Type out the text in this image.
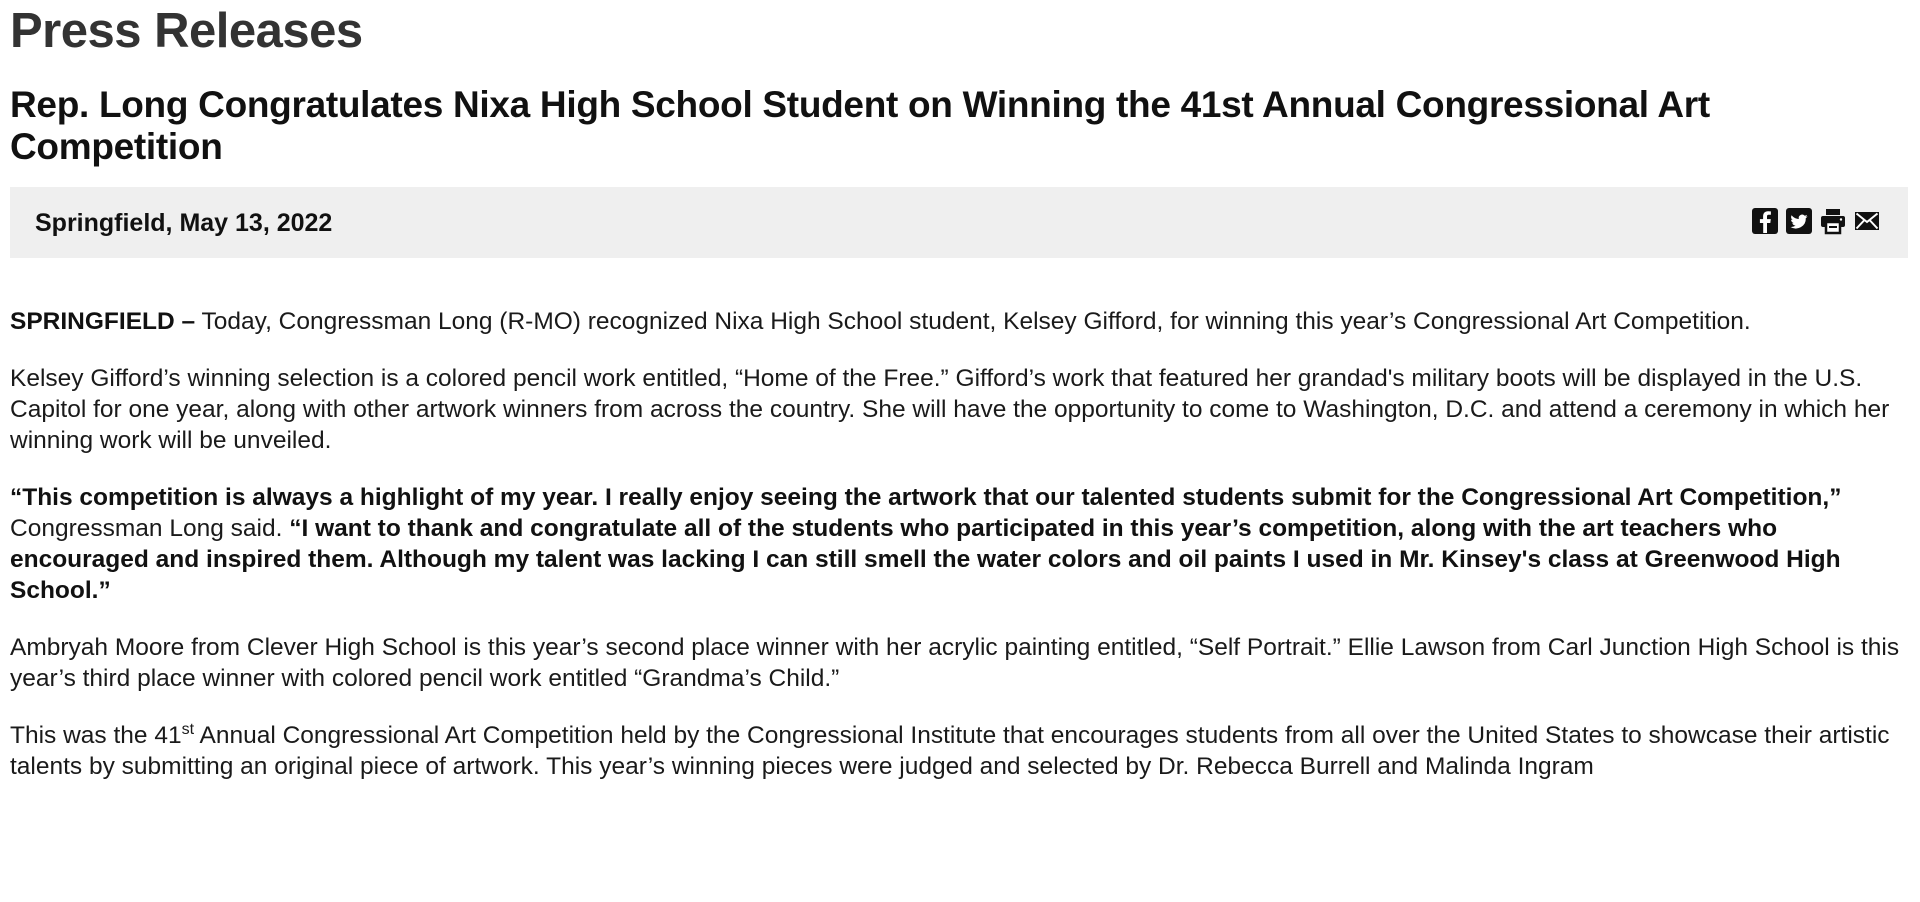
Press Releases
Rep. Long Congratulates Nixa High School Student on Winning the 41st Annual Congressional Art Competition
Springfield, May 13, 2022

SPRINGFIELD – Today, Congressman Long (R-MO) recognized Nixa High School student, Kelsey Gifford, for winning this year’s Congressional Art Competition.

Kelsey Gifford’s winning selection is a colored pencil work entitled, “Home of the Free.” Gifford’s work that featured her grandad's military boots will be displayed in the U.S. Capitol for one year, along with other artwork winners from across the country. She will have the opportunity to come to Washington, D.C. and attend a ceremony in which her winning work will be unveiled.

“This competition is always a highlight of my year. I really enjoy seeing the artwork that our talented students submit for the Congressional Art Competition,” Congressman Long said. “I want to thank and congratulate all of the students who participated in this year’s competition, along with the art teachers who encouraged and inspired them. Although my talent was lacking I can still smell the water colors and oil paints I used in Mr. Kinsey's class at Greenwood High School.”

Ambryah Moore from Clever High School is this year’s second place winner with her acrylic painting entitled, “Self Portrait.” Ellie Lawson from Carl Junction High School is this year’s third place winner with colored pencil work entitled “Grandma’s Child.”

This was the 41st Annual Congressional Art Competition held by the Congressional Institute that encourages students from all over the United States to showcase their artistic talents by submitting an original piece of artwork. This year’s winning pieces were judged and selected by Dr. Rebecca Burrell and Malinda Ingram
